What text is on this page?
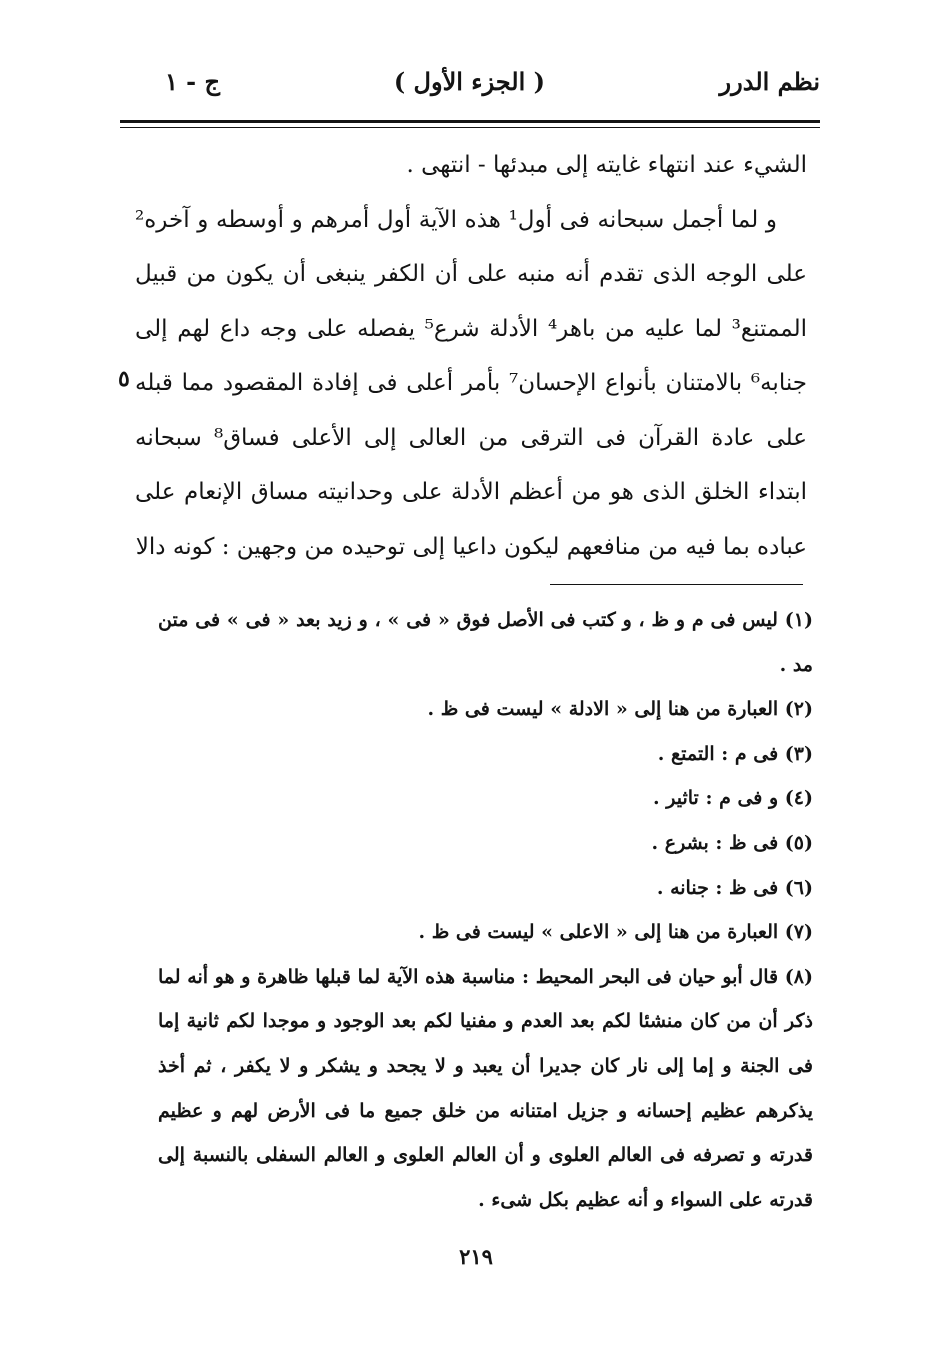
نظم الدرر
( الجزء الأول )
ج - ١

الشيء عند انتهاء غايته إلى مبدئها - انتهى .

و لما أجمل سبحانه فى أول¹ هذه الآية أول أمرهم و أوسطه و آخره² على الوجه الذى تقدم أنه منبه على أن الكفر ينبغى أن يكون من قبيل الممتنع³ لما عليه من باهر⁴ الأدلة شرع⁵ يفصله على وجه داع لهم إلى جنابه⁶ بالامتنان بأنواع الإحسان⁷ بأمر أعلى فى إفادة المقصود مما قبله على عادة القرآن فى الترقى من العالى إلى الأعلى فساق⁸ سبحانه ابتداء الخلق الذى هو من أعظم الأدلة على وحدانيته مساق الإنعام على عباده بما فيه من منافعهم ليكون داعيا إلى توحيده من وجهين : كونه دالا

٥

(١) ليس فى م و ظ ، و كتب فى الأصل فوق « فى » ، و زيد بعد « فى » فى متن مد .

(٢) العبارة من هنا إلى « الادلة » ليست فى ظ .

(٣) فى م : التمتع .

(٤) و فى م : تاثير .

(٥) فى ظ : بشرع .

(٦) فى ظ : جنانه .

(٧) العبارة من هنا إلى « الاعلى » ليست فى ظ .

(٨) قال أبو حيان فى البحر المحيط : مناسبة هذه الآية لما قبلها ظاهرة و هو أنه لما ذكر أن من كان منشئا لكم بعد العدم و مفنيا لكم بعد الوجود و موجدا لكم ثانية إما فى الجنة و إما إلى نار كان جديرا أن يعبد و لا يجحد و يشكر و لا يكفر ، ثم أخذ يذكرهم عظيم إحسانه و جزيل امتنانه من خلق جميع ما فى الأرض لهم و عظيم قدرته و تصرفه فى العالم العلوى و أن العالم العلوى و العالم السفلى بالنسبة إلى قدرته على السواء و أنه عظيم بكل شىء .

٢١٩
